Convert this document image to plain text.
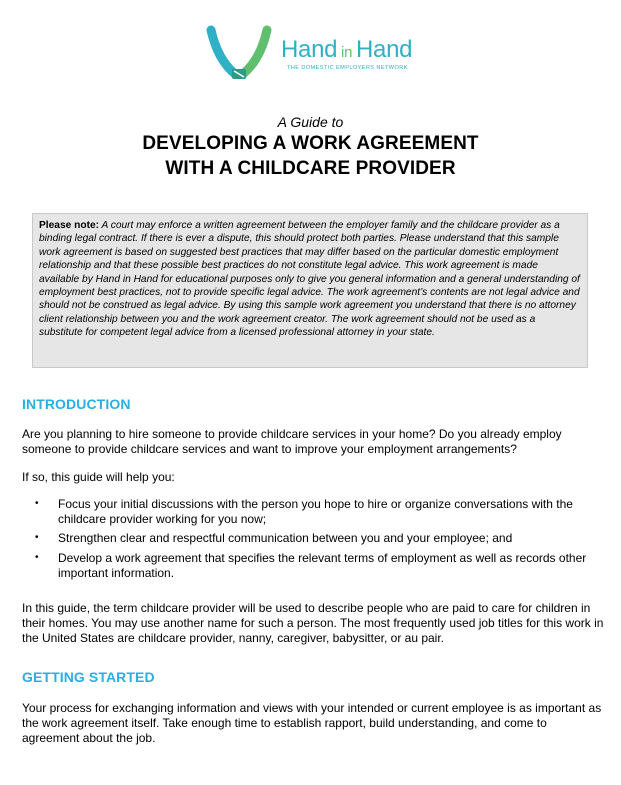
Hand in Hand
THE DOMESTIC EMPLOYERS NETWORK
A Guide to
DEVELOPING A WORK AGREEMENT
WITH A CHILDCARE PROVIDER
Please note: A court may enforce a written agreement between the employer family and the childcare provider as a binding legal contract. If there is ever a dispute, this should protect both parties. Please understand that this sample work agreement is based on suggested best practices that may differ based on the particular domestic employment relationship and that these possible best practices do not constitute legal advice. This work agreement is made available by Hand in Hand for educational purposes only to give you general information and a general understanding of employment best practices, not to provide specific legal advice. The work agreement’s contents are not legal advice and should not be construed as legal advice. By using this sample work agreement you understand that there is no attorney client relationship between you and the work agreement creator. The work agreement should not be used as a substitute for competent legal advice from a licensed professional attorney in your state.
INTRODUCTION
Are you planning to hire someone to provide childcare services in your home? Do you already employ someone to provide childcare services and want to improve your employment arrangements?
If so, this guide will help you:
• Focus your initial discussions with the person you hope to hire or organize conversations with the childcare provider working for you now;
• Strengthen clear and respectful communication between you and your employee; and
• Develop a work agreement that specifies the relevant terms of employment as well as records other important information.
In this guide, the term childcare provider will be used to describe people who are paid to care for children in their homes. You may use another name for such a person. The most frequently used job titles for this work in the United States are childcare provider, nanny, caregiver, babysitter, or au pair.
GETTING STARTED
Your process for exchanging information and views with your intended or current employee is as important as the work agreement itself. Take enough time to establish rapport, build understanding, and come to agreement about the job.
